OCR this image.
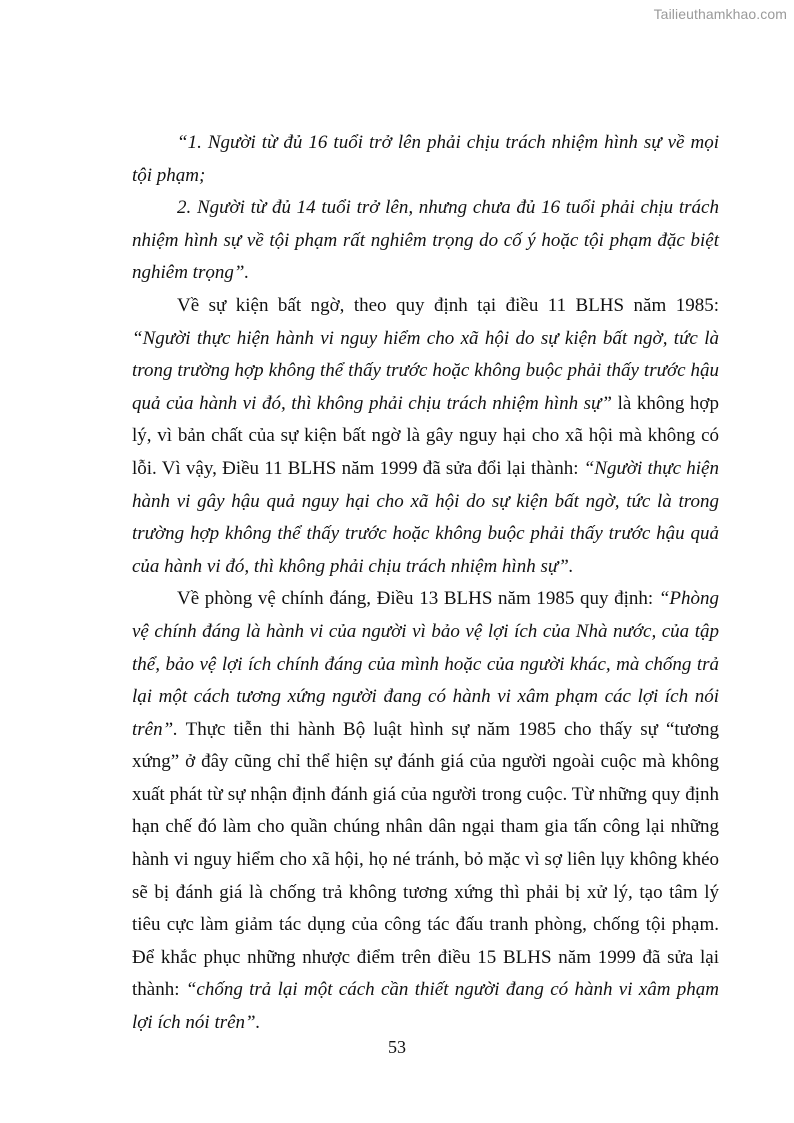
Tailieuthamkhao.com

“1. Người từ đủ 16 tuổi trở lên phải chịu trách nhiệm hình sự về mọi tội phạm;

2. Người từ đủ 14 tuổi trở lên, nhưng chưa đủ 16 tuổi phải chịu trách nhiệm hình sự về tội phạm rất nghiêm trọng do cố ý hoặc tội phạm đặc biệt nghiêm trọng”.

Về sự kiện bất ngờ, theo quy định tại điều 11 BLHS năm 1985: “Người thực hiện hành vi nguy hiểm cho xã hội do sự kiện bất ngờ, tức là trong trường hợp không thể thấy trước hoặc không buộc phải thấy trước hậu quả của hành vi đó, thì không phải chịu trách nhiệm hình sự” là không hợp lý, vì bản chất của sự kiện bất ngờ là gây nguy hại cho xã hội mà không có lỗi. Vì vậy, Điều 11 BLHS năm 1999 đã sửa đổi lại thành: “Người thực hiện hành vi gây hậu quả nguy hại cho xã hội do sự kiện bất ngờ, tức là trong trường hợp không thể thấy trước hoặc không buộc phải thấy trước hậu quả của hành vi đó, thì không phải chịu trách nhiệm hình sự”.

Về phòng vệ chính đáng, Điều 13 BLHS năm 1985 quy định: “Phòng vệ chính đáng là hành vi của người vì bảo vệ lợi ích của Nhà nước, của tập thể, bảo vệ lợi ích chính đáng của mình hoặc của người khác, mà chống trả lại một cách tương xứng người đang có hành vi xâm phạm các lợi ích nói trên”. Thực tiễn thi hành Bộ luật hình sự năm 1985 cho thấy sự “tương xứng” ở đây cũng chỉ thể hiện sự đánh giá của người ngoài cuộc mà không xuất phát từ sự nhận định đánh giá của người trong cuộc. Từ những quy định hạn chế đó làm cho quần chúng nhân dân ngại tham gia tấn công lại những hành vi nguy hiểm cho xã hội, họ né tránh, bỏ mặc vì sợ liên lụy không khéo sẽ bị đánh giá là chống trả không tương xứng thì phải bị xử lý, tạo tâm lý tiêu cực làm giảm tác dụng của công tác đấu tranh phòng, chống tội phạm. Để khắc phục những nhược điểm trên điều 15 BLHS năm 1999 đã sửa lại thành: “chống trả lại một cách cần thiết người đang có hành vi xâm phạm lợi ích nói trên”.

53
